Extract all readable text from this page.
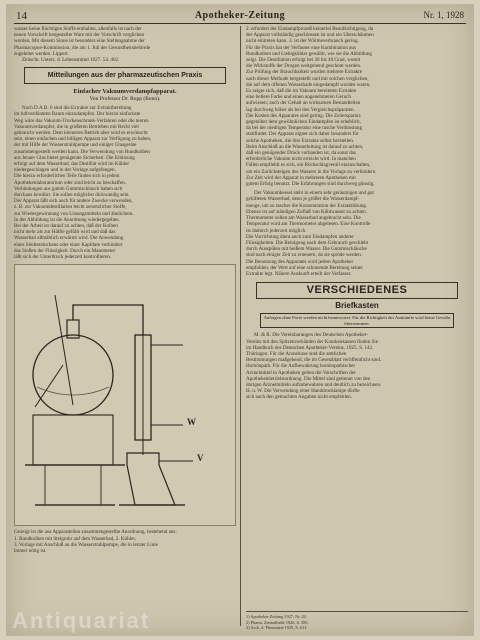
14	Apotheker-Zeitung	Nr. 1, 1928
wasser keine flüchtigen Stoffe enthalten, allenfalls ist nach der
neuen Vorschrift hergestellte Ware mit der Vorschrift verglichen
worden. Mit diesem Sinne ist besonders eine Stellungnahme der
Pharmacopoe-Kommission, die am 1. Juli der Gesundheitsbehörde
zugeleitet werden. Lippert.
Zeitschr. Unters. d. Lebensmittel 1927. 54. 462.
Mitteilungen aus der pharmazeutischen Praxis
Einfacher Vakuumverdampfapparat.
Von Professor Dr. Rupp (Bonn).
Nach D.A.B. 6 sind die Extrakte zur Extraktbereitung
im luftverdünnten Raum einzudampfen. Der hierzu einfachste
Weg wäre das Vakuum-Trockenschrank-Verfahren oder die teuren
Vakuumverdampfer, die in größeren Betrieben mit Recht viel
gebraucht werden. Dem kleineren Betrieb aber wird es erwünscht
sein, einen einfachen und billigen Apparat zur Verfügung zu haben,
der mit Hilfe der Wasserstrahlpumpe und einiger Glasgeräte
zusammengestellt werden kann. Die Verwendung von Rundkolben
aus Jenaer Glas bietet genügende Sicherheit. Die Erhitzung
erfolgt auf dem Wasserbad, das Destillat wird im Kühler
niedergeschlagen und in der Vorlage aufgefangen.
Die hierzu erforderlichen Teile finden sich in jedem
Apothekenlaboratorium oder sind leicht zu beschaffen.
Verbindungen aus gutem Gummischlauch haben sich
durchaus bewährt. Sie sollen möglichst dickwandig sein.
Der Apparat läßt sich auch für andere Zwecke verwenden,
z. B. zur Vakuumdestillation leicht zersetzlicher Stoffe,
zur Wiedergewinnung von Lösungsmitteln und ähnlichem.
In der Abbildung ist die Anordnung wiedergegeben.
Bei der Arbeit ist darauf zu achten, daß der Kolben
nicht mehr als zur Hälfte gefüllt wird und daß das
Wasserbad allmählich erwärmt wird. Die Anwendung
eines Siedesteinchens oder einer Kapillare verhindert
das Stoßen der Flüssigkeit. Durch ein Manometer
läßt sich der Unterdruck jederzeit kontrollieren.
W
V
Gezeigt ist die aus Apparatteilen zusammengestellte Anordnung, bestehend aus:
1. Rundkolben mit Steigrohr auf dem Wasserbad, 2. Kühler,
3. Vorlage mit Anschluß an die Wasserstrahlpumpe, die in letzter Linie
immer nötig ist.
2. erfordert der Eindampfprozeß keinerlei Beaufsichtigung, da
der Apparat vollständig geschlossen ist und ein Überschäumen
nicht eintreten kann. 3. ist der Wärmeverbrauch gering.
Für die Praxis hat der Verfasser eine Kombination aus
Rundkolben und Liebigkühler gewählt, wie sie die Abbildung
zeigt. Die Destillation erfolgt bei 30 bis 40 Grad, womit
die Wirkstoffe der Drogen weitgehend geschont werden.
Zur Prüfung der Brauchbarkeit wurden mehrere Extrakte
nach dieser Methode hergestellt und mit solchen verglichen,
die auf dem offenen Wasserbade eingedampft worden waren.
Es zeigte sich, daß die im Vakuum bereiteten Extrakte
eine hellere Farbe und einen angenehmeren Geruch
aufwiesen; auch der Gehalt an wirksamen Bestandteilen
lag durchweg höher als bei den Vergleichspräparaten.
Die Kosten des Apparates sind gering. Die Zeitersparnis
gegenüber dem gewöhnlichen Eindampfen ist erheblich,
da bei der niedrigen Temperatur eine rasche Verdunstung
stattfindet. Der Apparat eignet sich daher besonders für
solche Apotheken, die ihre Extrakte selbst herstellen.
Beim Anschluß an die Wasserleitung ist darauf zu achten,
daß ein genügender Druck vorhanden ist, da sonst das
erforderliche Vakuum nicht erreicht wird. In manchen
Fällen empfiehlt es sich, ein Rückschlagventil einzuschalten,
um ein Zurücksteigen des Wassers in die Vorlage zu verhindern.
Zur Zeit wird der Apparat in mehreren Apotheken mit
gutem Erfolg benutzt. Die Erfahrungen sind durchweg günstig.
Der Vakuumkessel steht in einem sehr geräumigen und gut
gelüfteten Wasserbad, denn je größer die Wasserdampf-
menge, um so rascher die Konzentration der Extraktlösung.
Ebenso ist auf ständigen Zufluß von Kühlwasser zu achten.
Thermometer sollen am Wasserbad angebracht sein. Die
Temperatur wird am Thermometer abgelesen. Eine Kontrolle
ist dadurch jederzeit möglich.
Die Vorrichtung dient auch zum Eindampfen anderer
Flüssigkeiten. Die Reinigung nach dem Gebrauch geschieht
durch Ausspülen mit heißem Wasser. Die Gummischläuche
sind nach einiger Zeit zu erneuern, da sie spröde werden.
Die Benutzung des Apparates wird jedem Apotheker
empfohlen, der Wert auf eine schonende Bereitung seiner
Extrakte legt. Nähere Auskunft erteilt der Verfasser.
VERSCHIEDENES
Briefkasten
Anfragen ohne Porto werden nicht beantwortet. Für die Richtigkeit der Auskünfte wird keine Gewähr übernommen.
M. & R. Die Vereinbarungen des Deutschen Apotheker-
Vereins mit den Spitzenverbänden der Krankenkassen finden Sie
im Handbuch des Deutschen Apotheker-Vereins, 1925. S. 143.
Thüringen. Für die Arzneitaxe sind die amtlichen
Bestimmungen maßgebend, die im Gesetzblatt veröffentlicht sind.
Homöopath. Für die Aufbewahrung homöopathischer
Arzneimittel in Apotheken gelten die Vorschriften der
Apothekenbetriebsordnung. Die Mittel sind getrennt von den
übrigen Arzneimitteln aufzubewahren und deutlich zu bezeichnen.
H. u. W. Die Verwendung einer Handdrucklampe dürfte
sich nach den gemachten Angaben nicht empfehlen.
1) Apotheker-Zeitung 1927, Nr. 42.
2) Pharm. Zentralhalle 1926, S. 389.
3) Arch. d. Pharmazie 1925, S. 611.
Antiquariat
